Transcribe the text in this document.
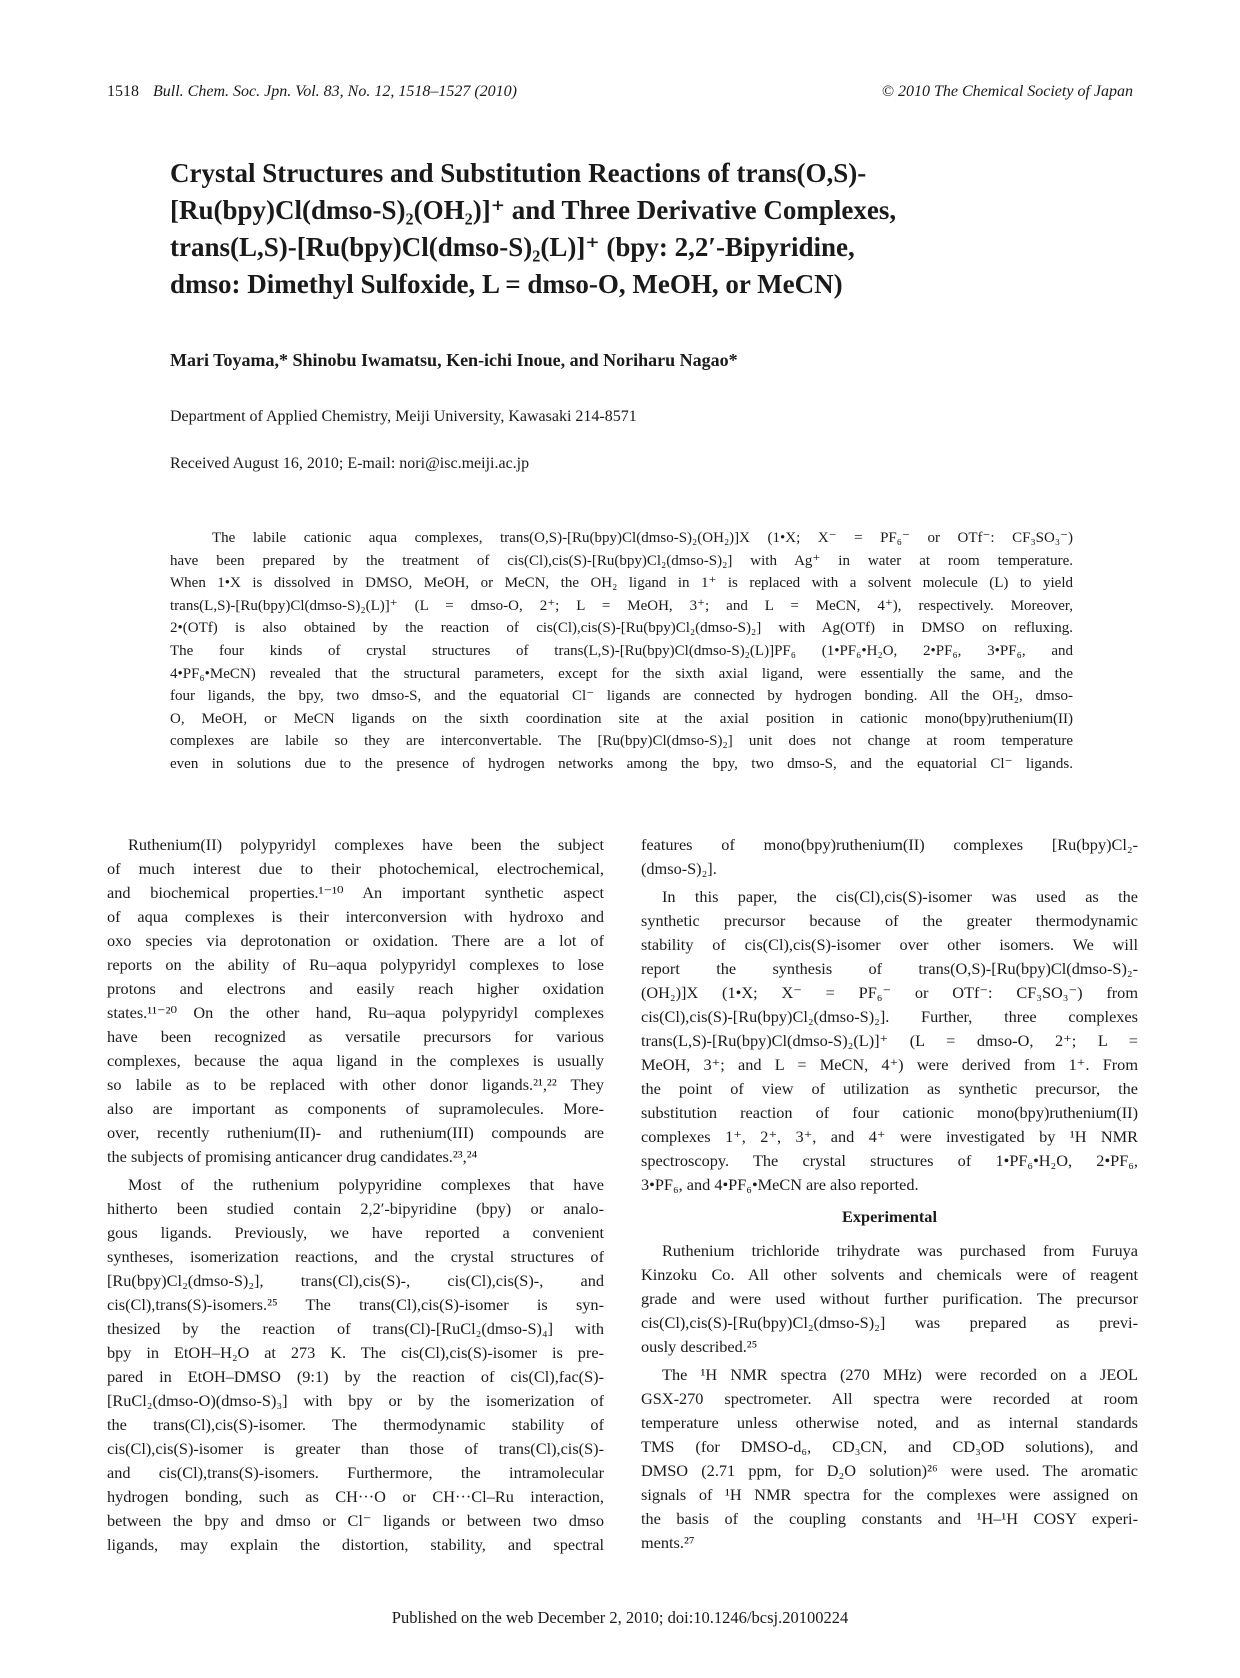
1518 Bull. Chem. Soc. Jpn. Vol. 83, No. 12, 1518–1527 (2010)	© 2010 The Chemical Society of Japan
Crystal Structures and Substitution Reactions of trans(O,S)-
[Ru(bpy)Cl(dmso-S)₂(OH₂)]⁺ and Three Derivative Complexes,
trans(L,S)-[Ru(bpy)Cl(dmso-S)₂(L)]⁺ (bpy: 2,2′-Bipyridine,
dmso: Dimethyl Sulfoxide, L = dmso-O, MeOH, or MeCN)
Mari Toyama,* Shinobu Iwamatsu, Ken-ichi Inoue, and Noriharu Nagao*
Department of Applied Chemistry, Meiji University, Kawasaki 214-8571
Received August 16, 2010; E-mail: nori@isc.meiji.ac.jp
The labile cationic aqua complexes, trans(O,S)-[Ru(bpy)Cl(dmso-S)₂(OH₂)]X (1•X; X⁻ = PF₆⁻ or OTf⁻: CF₃SO₃⁻)
have been prepared by the treatment of cis(Cl),cis(S)-[Ru(bpy)Cl₂(dmso-S)₂] with Ag⁺ in water at room temperature.
When 1•X is dissolved in DMSO, MeOH, or MeCN, the OH₂ ligand in 1⁺ is replaced with a solvent molecule (L) to yield
trans(L,S)-[Ru(bpy)Cl(dmso-S)₂(L)]⁺ (L = dmso-O, 2⁺; L = MeOH, 3⁺; and L = MeCN, 4⁺), respectively. Moreover,
2•(OTf) is also obtained by the reaction of cis(Cl),cis(S)-[Ru(bpy)Cl₂(dmso-S)₂] with Ag(OTf) in DMSO on refluxing.
The four kinds of crystal structures of trans(L,S)-[Ru(bpy)Cl(dmso-S)₂(L)]PF₆ (1•PF₆•H₂O, 2•PF₆, 3•PF₆, and
4•PF₆•MeCN) revealed that the structural parameters, except for the sixth axial ligand, were essentially the same, and the
four ligands, the bpy, two dmso-S, and the equatorial Cl⁻ ligands are connected by hydrogen bonding. All the OH₂, dmso-
O, MeOH, or MeCN ligands on the sixth coordination site at the axial position in cationic mono(bpy)ruthenium(II)
complexes are labile so they are interconvertable. The [Ru(bpy)Cl(dmso-S)₂] unit does not change at room temperature
even in solutions due to the presence of hydrogen networks among the bpy, two dmso-S, and the equatorial Cl⁻ ligands.
Ruthenium(II) polypyridyl complexes have been the subject
of much interest due to their photochemical, electrochemical,
and biochemical properties.¹⁻¹⁰ An important synthetic aspect
of aqua complexes is their interconversion with hydroxo and
oxo species via deprotonation or oxidation. There are a lot of
reports on the ability of Ru–aqua polypyridyl complexes to lose
protons and electrons and easily reach higher oxidation
states.¹¹⁻²⁰ On the other hand, Ru–aqua polypyridyl complexes
have been recognized as versatile precursors for various
complexes, because the aqua ligand in the complexes is usually
so labile as to be replaced with other donor ligands.²¹,²² They
also are important as components of supramolecules. More-
over, recently ruthenium(II)- and ruthenium(III) compounds are
the subjects of promising anticancer drug candidates.²³,²⁴
Most of the ruthenium polypyridine complexes that have
hitherto been studied contain 2,2′-bipyridine (bpy) or analo-
gous ligands. Previously, we have reported a convenient
syntheses, isomerization reactions, and the crystal structures of
[Ru(bpy)Cl₂(dmso-S)₂], trans(Cl),cis(S)-, cis(Cl),cis(S)-, and
cis(Cl),trans(S)-isomers.²⁵ The trans(Cl),cis(S)-isomer is syn-
thesized by the reaction of trans(Cl)-[RuCl₂(dmso-S)₄] with
bpy in EtOH–H₂O at 273 K. The cis(Cl),cis(S)-isomer is pre-
pared in EtOH–DMSO (9:1) by the reaction of cis(Cl),fac(S)-
[RuCl₂(dmso-O)(dmso-S)₃] with bpy or by the isomerization of
the trans(Cl),cis(S)-isomer. The thermodynamic stability of
cis(Cl),cis(S)-isomer is greater than those of trans(Cl),cis(S)-
and cis(Cl),trans(S)-isomers. Furthermore, the intramolecular
hydrogen bonding, such as CH···O or CH···Cl–Ru interaction,
between the bpy and dmso or Cl⁻ ligands or between two dmso
ligands, may explain the distortion, stability, and spectral
features of mono(bpy)ruthenium(II) complexes [Ru(bpy)Cl₂-
(dmso-S)₂].
In this paper, the cis(Cl),cis(S)-isomer was used as the
synthetic precursor because of the greater thermodynamic
stability of cis(Cl),cis(S)-isomer over other isomers. We will
report the synthesis of trans(O,S)-[Ru(bpy)Cl(dmso-S)₂-
(OH₂)]X (1•X; X⁻ = PF₆⁻ or OTf⁻: CF₃SO₃⁻) from
cis(Cl),cis(S)-[Ru(bpy)Cl₂(dmso-S)₂]. Further, three complexes
trans(L,S)-[Ru(bpy)Cl(dmso-S)₂(L)]⁺ (L = dmso-O, 2⁺; L =
MeOH, 3⁺; and L = MeCN, 4⁺) were derived from 1⁺. From
the point of view of utilization as synthetic precursor, the
substitution reaction of four cationic mono(bpy)ruthenium(II)
complexes 1⁺, 2⁺, 3⁺, and 4⁺ were investigated by ¹H NMR
spectroscopy. The crystal structures of 1•PF₆•H₂O, 2•PF₆,
3•PF₆, and 4•PF₆•MeCN are also reported.
Experimental
Ruthenium trichloride trihydrate was purchased from Furuya
Kinzoku Co. All other solvents and chemicals were of reagent
grade and were used without further purification. The precursor
cis(Cl),cis(S)-[Ru(bpy)Cl₂(dmso-S)₂] was prepared as previ-
ously described.²⁵
The ¹H NMR spectra (270 MHz) were recorded on a JEOL
GSX-270 spectrometer. All spectra were recorded at room
temperature unless otherwise noted, and as internal standards
TMS (for DMSO-d₆, CD₃CN, and CD₃OD solutions), and
DMSO (2.71 ppm, for D₂O solution)²⁶ were used. The aromatic
signals of ¹H NMR spectra for the complexes were assigned on
the basis of the coupling constants and ¹H–¹H COSY experi-
ments.²⁷
Published on the web December 2, 2010; doi:10.1246/bcsj.20100224
